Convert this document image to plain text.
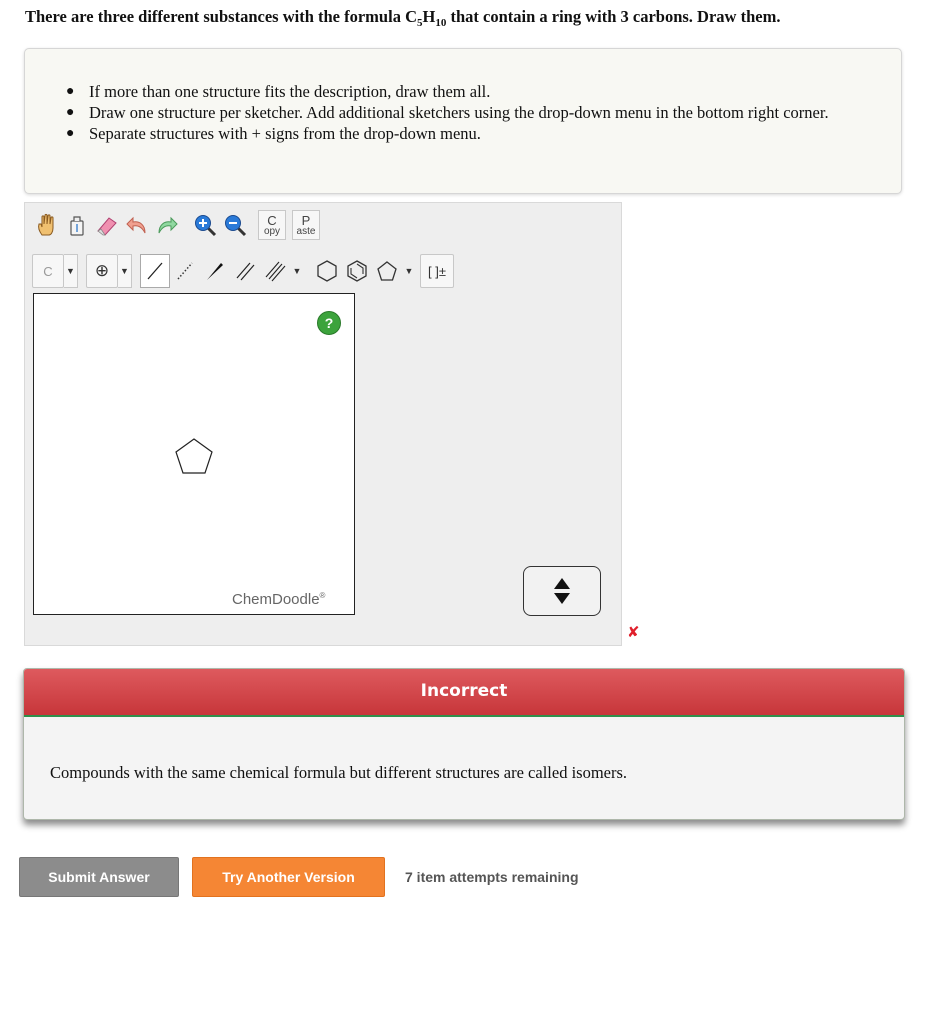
There are three different substances with the formula $C_5H_{10}$ that contain a ring with 3 carbons. Draw them.
● If more than one structure fits the description, draw them all.
● Draw one structure per sketcher. Add additional sketchers using the drop-down menu in the bottom right corner.
● Separate structures with + signs from the drop-down menu.
C
opy
P
aste
C	▼	⊕	▼	▼	▼	[ ]±
?
ChemDoodle®
✘
Incorrect
Compounds with the same chemical formula but different structures are called isomers.
Submit Answer	Try Another Version	7 item attempts remaining
